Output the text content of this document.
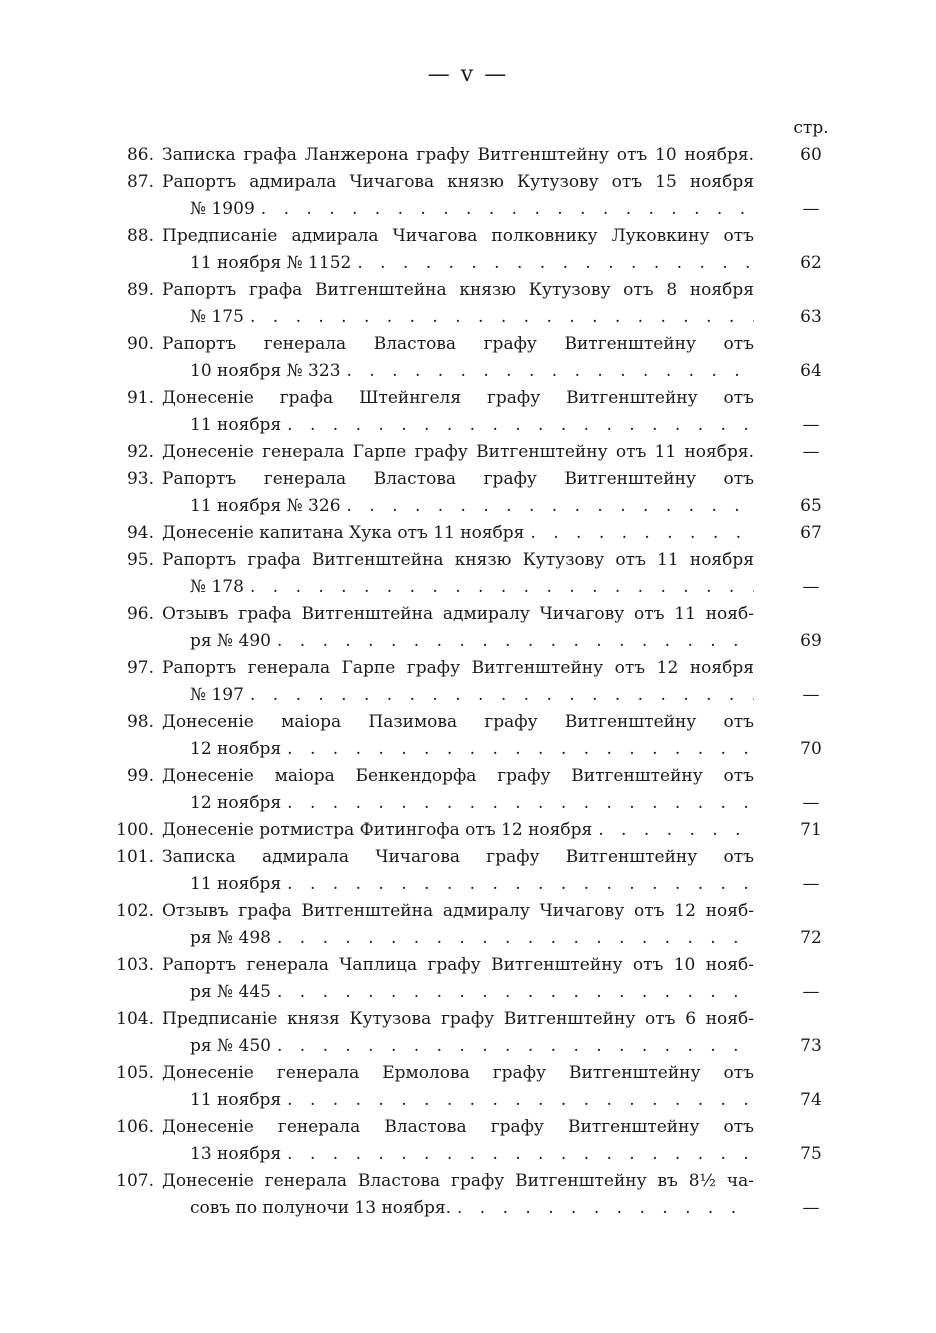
— v —
стр.
86. Записка графа Ланжерона графу Витгенштейну отъ 10 ноября.	60
87. Рапортъ адмирала Чичагова князю Кутузову отъ 15 ноября
№ 1909 . . .	—
88. Предписаніе адмирала Чичагова полковнику Луковкину отъ
11 ноября № 1152 . . .	62
89. Рапортъ графа Витгенштейна князю Кутузову отъ 8 ноября
№ 175 . . .	63
90. Рапортъ генерала Властова графу Витгенштейну отъ
10 ноября № 323 . . .	64
91. Донесеніе графа Штейнгеля графу Витгенштейну отъ
11 ноября . . .	—
92. Донесеніе генерала Гарпе графу Витгенштейну отъ 11 ноября.	—
93. Рапортъ генерала Властова графу Витгенштейну отъ
11 ноября № 326 . . .	65
94. Донесеніе капитана Хука отъ 11 ноября . . .	67
95. Рапортъ графа Витгенштейна князю Кутузову отъ 11 ноября
№ 178 . . .	—
96. Отзывъ графа Витгенштейна адмиралу Чичагову отъ 11 нояб-
ря № 490 . . .	69
97. Рапортъ генерала Гарпе графу Витгенштейну отъ 12 ноября
№ 197 . . .	—
98. Донесеніе маіора Пазимова графу Витгенштейну отъ
12 ноября . . .	70
99. Донесеніе маіора Бенкендорфа графу Витгенштейну отъ
12 ноября . . .	—
100. Донесеніе ротмистра Фитингофа отъ 12 ноября . . .	71
101. Записка адмирала Чичагова графу Витгенштейну отъ
11 ноября . . .	—
102. Отзывъ графа Витгенштейна адмиралу Чичагову отъ 12 нояб-
ря № 498 . . .	72
103. Рапортъ генерала Чаплица графу Витгенштейну отъ 10 нояб-
ря № 445 . . .	—
104. Предписаніе князя Кутузова графу Витгенштейну отъ 6 нояб-
ря № 450 . . .	73
105. Донесеніе генерала Ермолова графу Витгенштейну отъ
11 ноября . . .	74
106. Донесеніе генерала Властова графу Витгенштейну отъ
13 ноября . . .	75
107. Донесеніе генерала Властова графу Витгенштейну въ 8½ ча-
совъ по полуночи 13 ноября. . . .	—
